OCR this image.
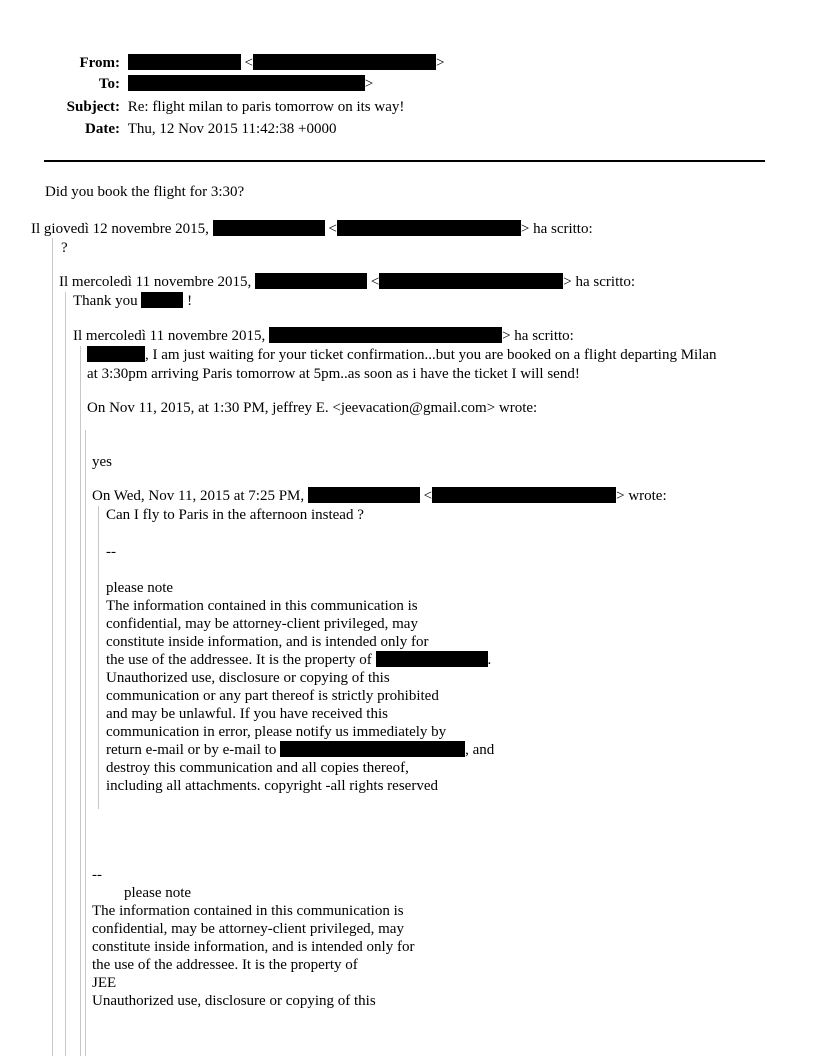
From:	<	>
To:	>
Subject: Re: flight milan to paris tomorrow on its way!
Date: Thu, 12 Nov 2015 11:42:38 +0000
Did you book the flight for 3:30?
Il giovedì 12 novembre 2015,	<	> ha scritto:
?
Il mercoledì 11 novembre 2015,	<	> ha scritto:
Thank you	!
Il mercoledì 11 novembre 2015,	> ha scritto:
, I am just waiting for your ticket confirmation...but you are booked on a flight departing Milan
at 3:30pm arriving Paris tomorrow at 5pm..as soon as i have the ticket I will send!
On Nov 11, 2015, at 1:30 PM, jeffrey E. <jeevacation@gmail.com> wrote:
yes
On Wed, Nov 11, 2015 at 7:25 PM,	<	> wrote:
Can I fly to Paris in the afternoon instead ?
--
please note
The information contained in this communication is
confidential, may be attorney-client privileged, may
constitute inside information, and is intended only for
the use of the addressee. It is the property of	.
Unauthorized use, disclosure or copying of this
communication or any part thereof is strictly prohibited
and may be unlawful. If you have received this
communication in error, please notify us immediately by
return e-mail or by e-mail to	, and
destroy this communication and all copies thereof,
including all attachments. copyright -all rights reserved
--
please note
The information contained in this communication is
confidential, may be attorney-client privileged, may
constitute inside information, and is intended only for
the use of the addressee. It is the property of
JEE
Unauthorized use, disclosure or copying of this
